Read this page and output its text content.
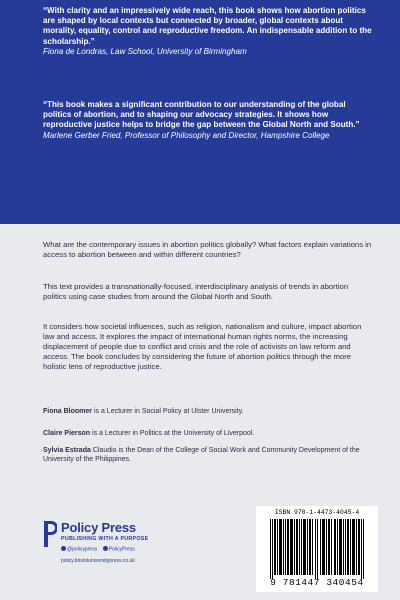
“With clarity and an impressively wide reach, this book shows how abortion politics are shaped by local contexts but connected by broader, global contexts about morality, equality, control and reproductive freedom. An indispensable addition to the scholarship.”
Fiona de Londras, Law School, University of Birmingham
“This book makes a significant contribution to our understanding of the global politics of abortion, and to shaping our advocacy strategies. It shows how reproductive justice helps to bridge the gap between the Global North and South.”
Marlene Gerber Fried, Professor of Philosophy and Director, Hampshire College
What are the contemporary issues in abortion politics globally? What factors explain variations in access to abortion between and within different countries?
This text provides a transnationally-focused, interdisciplinary analysis of trends in abortion politics using case studies from around the Global North and South.
It considers how societal influences, such as religion, nationalism and culture, impact abortion law and access. It explores the impact of international human rights norms, the increasing displacement of people due to conflict and crisis and the role of activists on law reform and access. The book concludes by considering the future of abortion politics through the more holistic lens of reproductive justice.
Fiona Bloomer is a Lecturer in Social Policy at Ulster University.
Claire Pierson is a Lecturer in Politics at the University of Liverpool.
Sylvia Estrada Claudio is the Dean of the College of Social Work and Community Development of the University of the Philippines.
Policy Press
PUBLISHING WITH A PURPOSE
@policypress PolicyPress
policy.bristoluniversitypress.co.uk
ISBN 978-1-4473-4045-4
9 781447 340454
